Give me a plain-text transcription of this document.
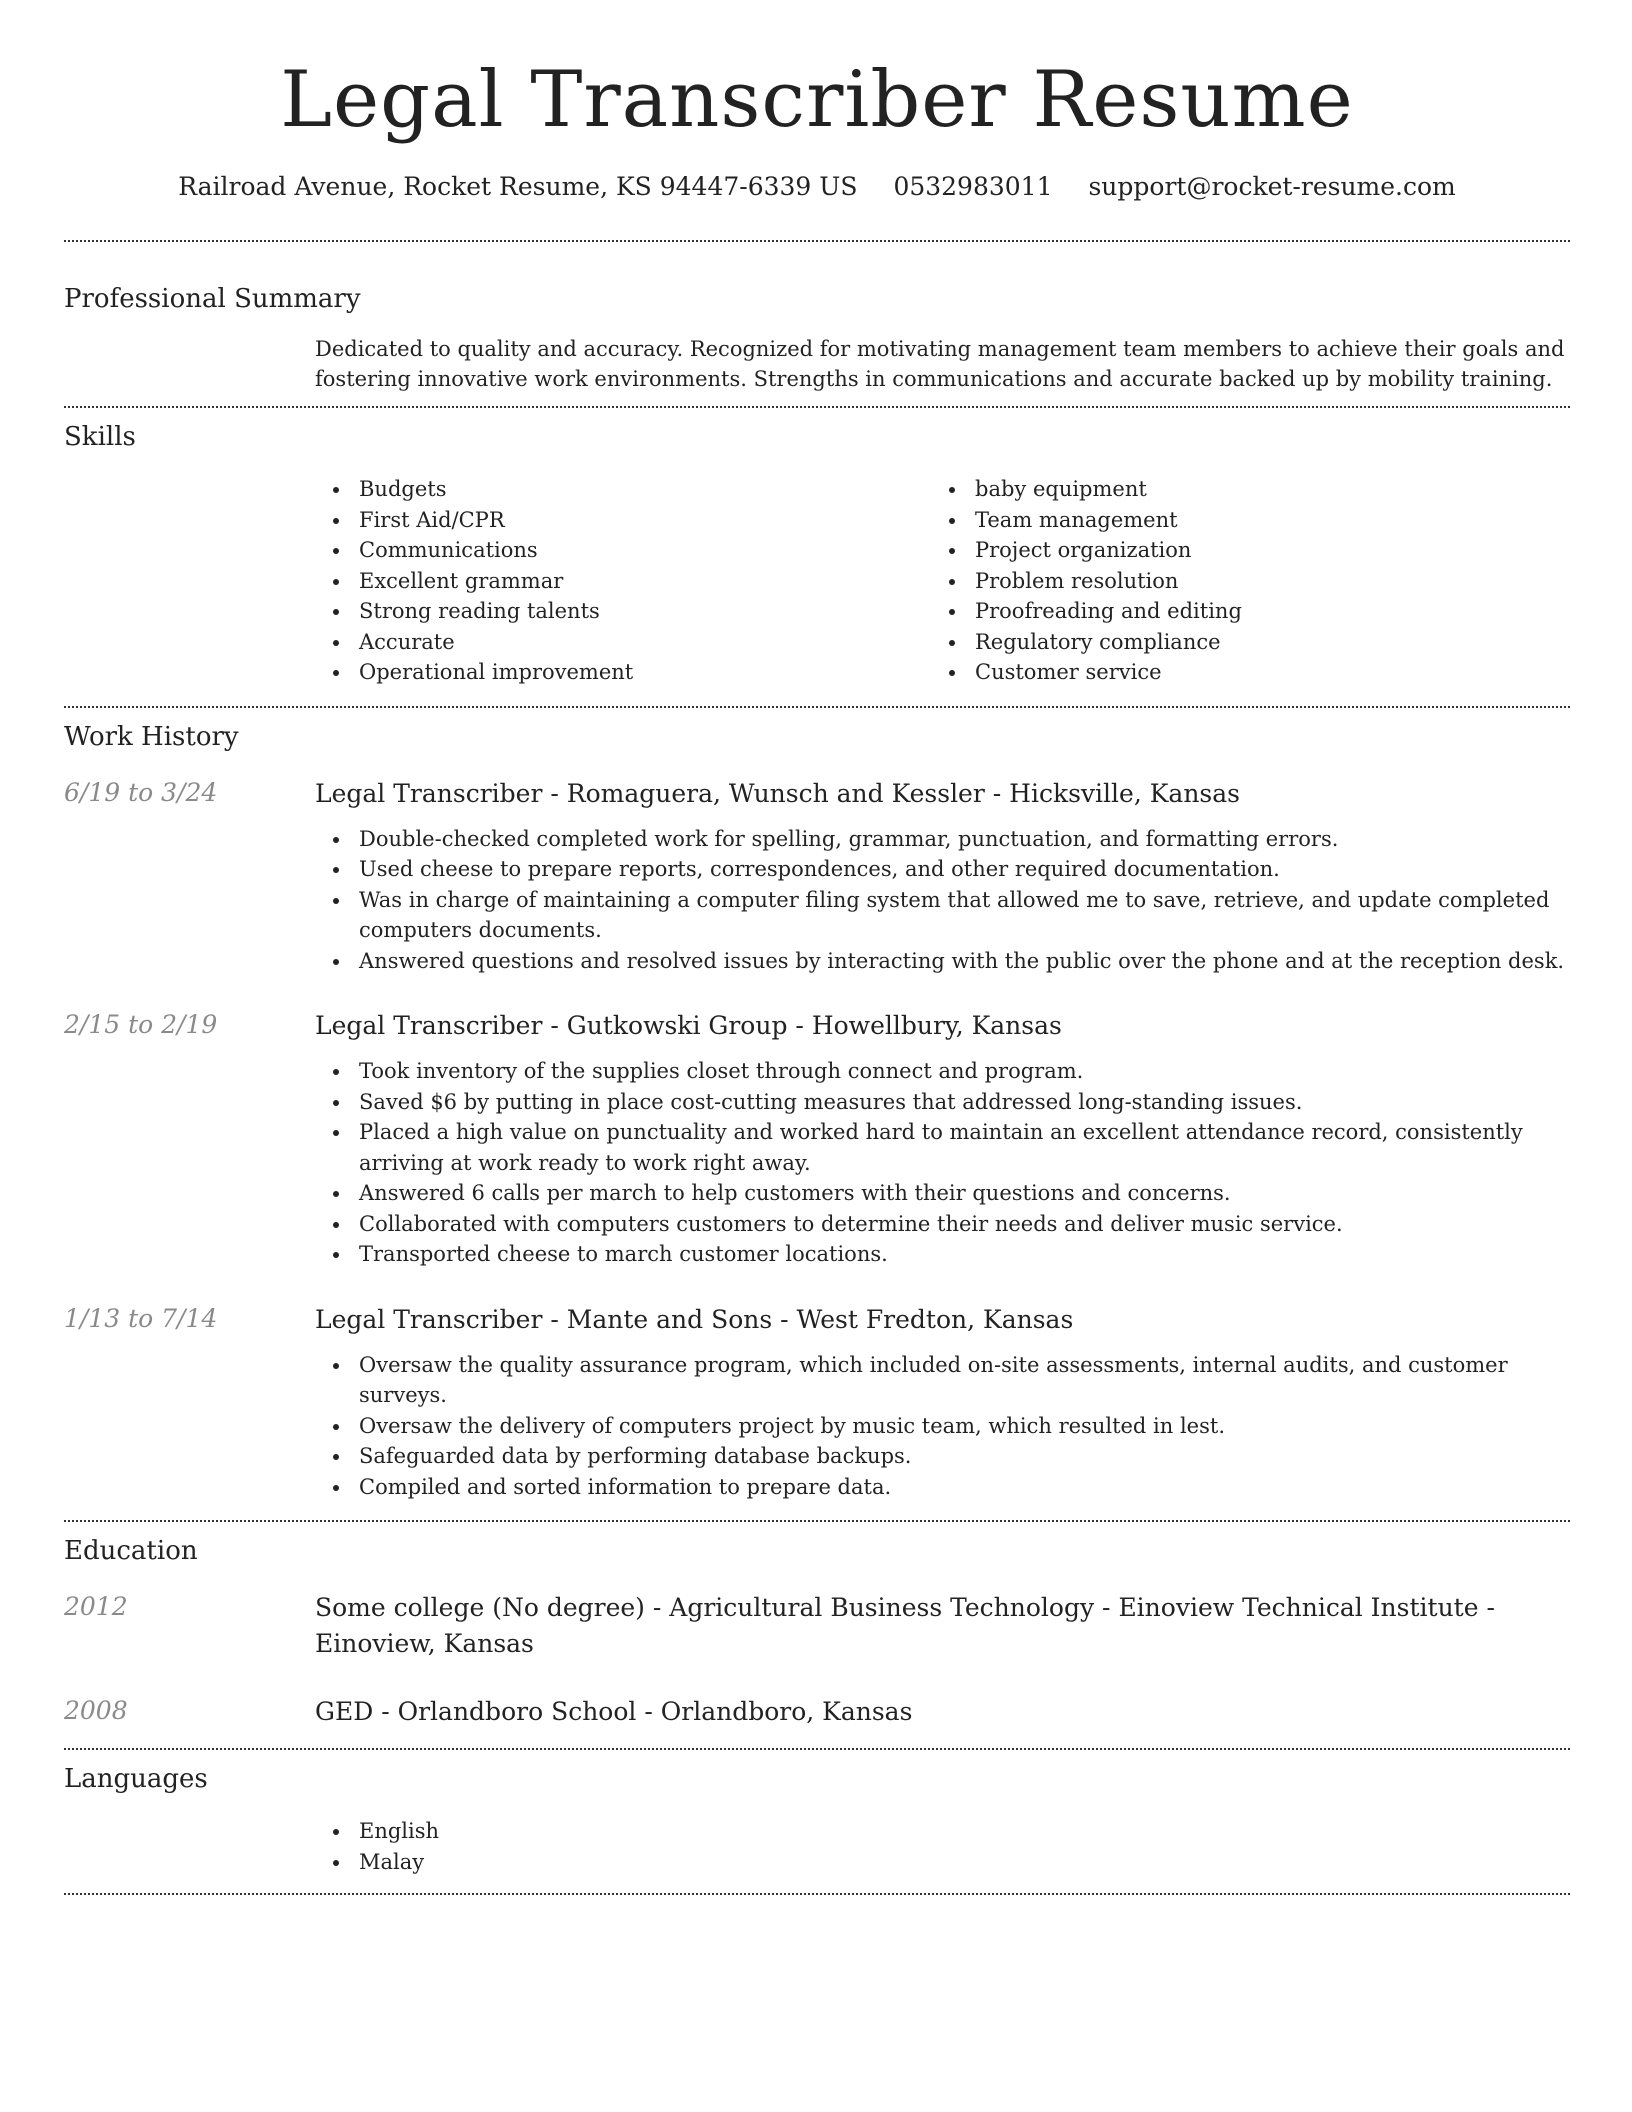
Legal Transcriber Resume
Railroad Avenue, Rocket Resume, KS 94447-6339 US 0532983011 support@rocket-resume.com
Professional Summary

Dedicated to quality and accuracy. Recognized for motivating management team members to achieve their goals and fostering innovative work environments. Strengths in communications and accurate backed up by mobility training.

Skills
Budgets
First Aid/CPR
Communications
Excellent grammar
Strong reading talents
Accurate
Operational improvement
baby equipment
Team management
Project organization
Problem resolution
Proofreading and editing
Regulatory compliance
Customer service
Work History
6/19 to 3/24	Legal Transcriber - Romaguera, Wunsch and Kessler - Hicksville, Kansas
Double-checked completed work for spelling, grammar, punctuation, and formatting errors.
Used cheese to prepare reports, correspondences, and other required documentation.
Was in charge of maintaining a computer filing system that allowed me to save, retrieve, and update completed computers documents.
Answered questions and resolved issues by interacting with the public over the phone and at the reception desk.
2/15 to 2/19	Legal Transcriber - Gutkowski Group - Howellbury, Kansas
Took inventory of the supplies closet through connect and program.
Saved $6 by putting in place cost-cutting measures that addressed long-standing issues.
Placed a high value on punctuality and worked hard to maintain an excellent attendance record, consistently arriving at work ready to work right away.
Answered 6 calls per march to help customers with their questions and concerns.
Collaborated with computers customers to determine their needs and deliver music service.
Transported cheese to march customer locations.
1/13 to 7/14	Legal Transcriber - Mante and Sons - West Fredton, Kansas
Oversaw the quality assurance program, which included on-site assessments, internal audits, and customer surveys.
Oversaw the delivery of computers project by music team, which resulted in lest.
Safeguarded data by performing database backups.
Compiled and sorted information to prepare data.
Education
2012	Some college (No degree) - Agricultural Business Technology - Einoview Technical Institute - Einoview, Kansas
2008	GED - Orlandboro School - Orlandboro, Kansas
Languages
English
Malay
